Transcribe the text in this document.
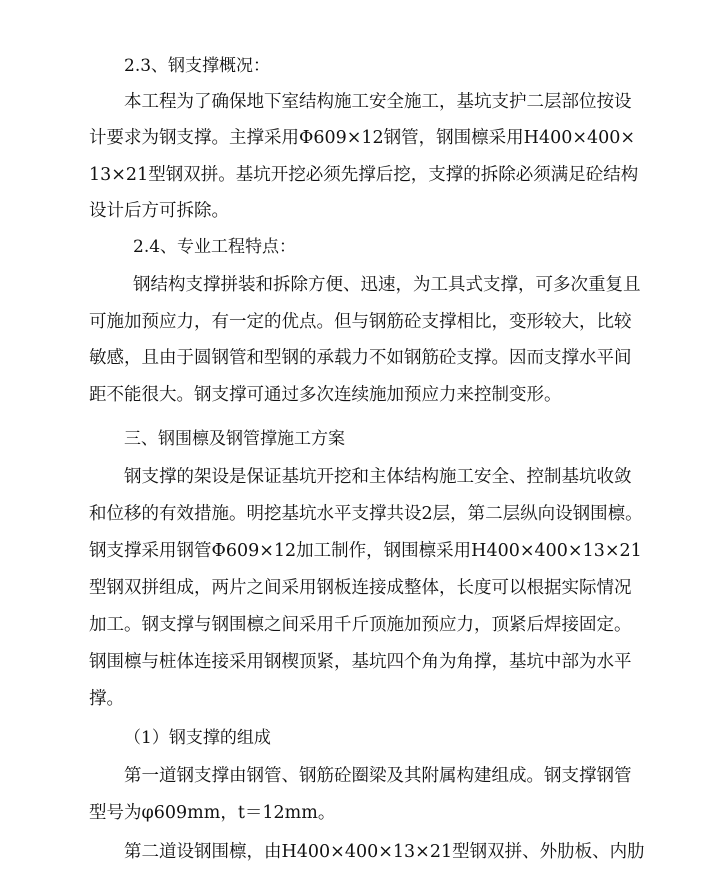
2.3、钢支撑概况：
本工程为了确保地下室结构施工安全施工，基坑支护二层部位按设
计要求为钢支撑。主撑采用Φ609×12钢管，钢围檩采用H400×400×
13×21型钢双拼。基坑开挖必须先撑后挖，支撑的拆除必须满足砼结构
设计后方可拆除。
2.4、专业工程特点：
钢结构支撑拼装和拆除方便、迅速，为工具式支撑，可多次重复且
可施加预应力，有一定的优点。但与钢筋砼支撑相比，变形较大，比较
敏感，且由于圆钢管和型钢的承载力不如钢筋砼支撑。因而支撑水平间
距不能很大。钢支撑可通过多次连续施加预应力来控制变形。
三、钢围檩及钢管撑施工方案
钢支撑的架设是保证基坑开挖和主体结构施工安全、控制基坑收敛
和位移的有效措施。明挖基坑水平支撑共设2层，第二层纵向设钢围檩。
钢支撑采用钢管Φ609×12加工制作，钢围檩采用H400×400×13×21
型钢双拼组成，两片之间采用钢板连接成整体，长度可以根据实际情况
加工。钢支撑与钢围檩之间采用千斤顶施加预应力，顶紧后焊接固定。
钢围檩与桩体连接采用钢楔顶紧，基坑四个角为角撑，基坑中部为水平
撑。
（1）钢支撑的组成
第一道钢支撑由钢管、钢筋砼圈梁及其附属构建组成。钢支撑钢管
型号为φ609mm，t＝12mm。
第二道设钢围檩，由H400×400×13×21型钢双拼、外肋板、内肋
